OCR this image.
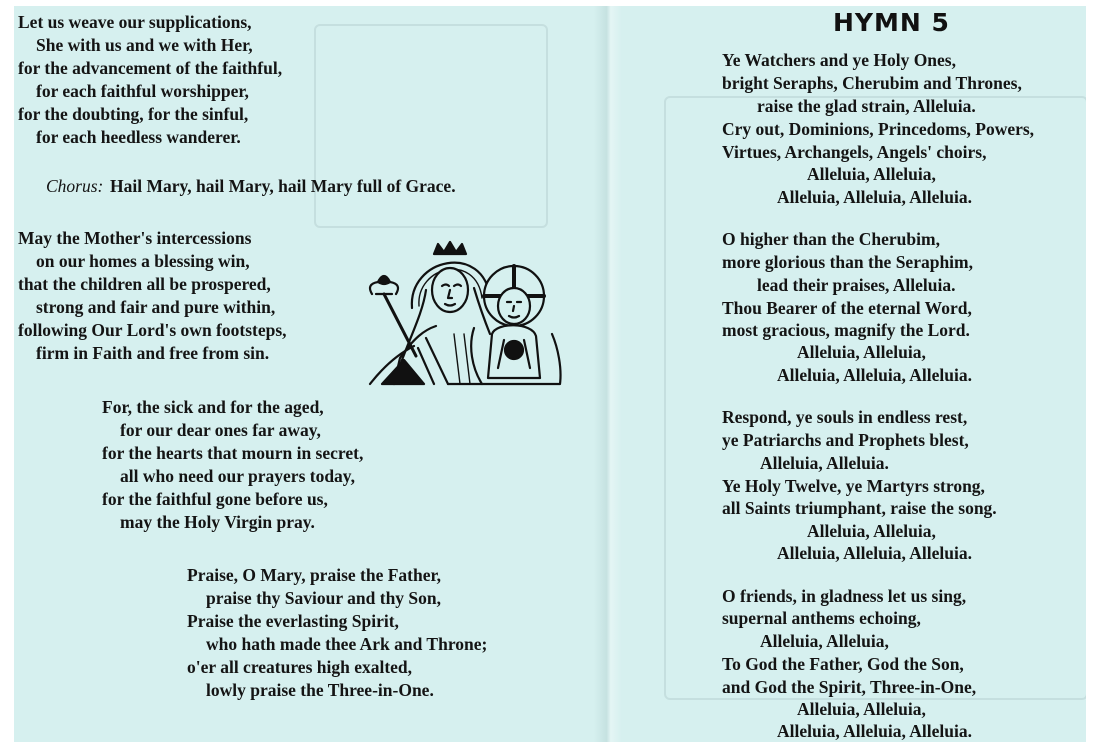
Let us weave our supplications,
She with us and we with Her,
for the advancement of the faithful,
for each faithful worshipper,
for the doubting, for the sinful,
for each heedless wanderer.
Chorus: Hail Mary, hail Mary, hail Mary full of Grace.
May the Mother's intercessions
on our homes a blessing win,
that the children all be prospered,
strong and fair and pure within,
following Our Lord's own footsteps,
firm in Faith and free from sin.
For, the sick and for the aged,
for our dear ones far away,
for the hearts that mourn in secret,
all who need our prayers today,
for the faithful gone before us,
may the Holy Virgin pray.
Praise, O Mary, praise the Father,
praise thy Saviour and thy Son,
Praise the everlasting Spirit,
who hath made thee Ark and Throne;
o'er all creatures high exalted,
lowly praise the Three-in-One.
HYMN 5
Ye Watchers and ye Holy Ones,
bright Seraphs, Cherubim and Thrones,
raise the glad strain, Alleluia.
Cry out, Dominions, Princedoms, Powers,
Virtues, Archangels, Angels' choirs,
Alleluia, Alleluia,
Alleluia, Alleluia, Alleluia.
O higher than the Cherubim,
more glorious than the Seraphim,
lead their praises, Alleluia.
Thou Bearer of the eternal Word,
most gracious, magnify the Lord.
Alleluia, Alleluia,
Alleluia, Alleluia, Alleluia.
Respond, ye souls in endless rest,
ye Patriarchs and Prophets blest,
Alleluia, Alleluia.
Ye Holy Twelve, ye Martyrs strong,
all Saints triumphant, raise the song.
Alleluia, Alleluia,
Alleluia, Alleluia, Alleluia.
O friends, in gladness let us sing,
supernal anthems echoing,
Alleluia, Alleluia,
To God the Father, God the Son,
and God the Spirit, Three-in-One,
Alleluia, Alleluia,
Alleluia, Alleluia, Alleluia.
